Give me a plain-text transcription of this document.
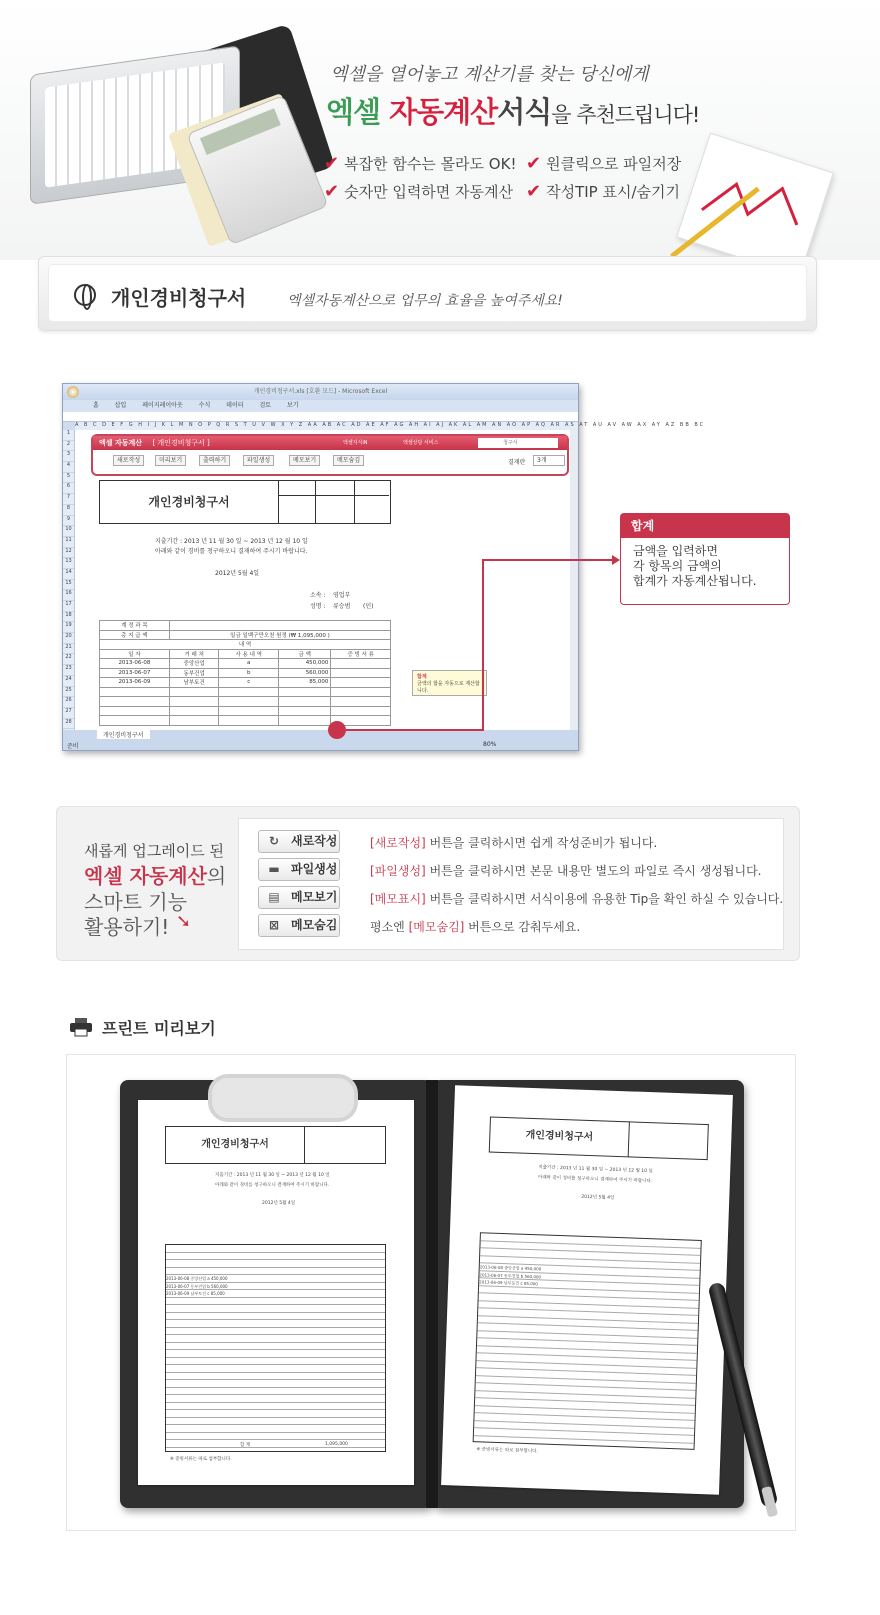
엑셀을 열어놓고 계산기를 찾는 당신에게
엑셀 자동계산서식을 추천드립니다!
✔ 복잡한 함수는 몰라도 OK!	✔ 원클릭으로 파일저장
✔ 숫자만 입력하면 자동계산	✔ 작성TIP 표시/숨기기
개인경비청구서	엑셀자동계산으로 업무의 효율을 높여주세요!
개인경비청구서.xls [호환 모드] - Microsoft Excel
홈 삽입 페이지레이아웃 수식 데이터 검토 보기
A B C D E F G H I J K L M N O P Q R S T U V W X Y Z AA AB AC AD AE AF AG AH AI AJ AK AL AM AN AO AP AQ AR AS AT AU AV AW AX AY AZ BB BC
1
2
3
4
5
6
7
8
9
10
11
12
13
14
15
16
17
18
19
20
21
22
23
24
25
26
27
28
엑셀 자동계산 [ 개인경비청구서 ]	엑셀지식iN	엑셀상담 서비스	청구서
새로작성	미리보기	출력하기	파일생성	메모보기	메모숨김	결재란	3개
개인경비청구서
지출기간 : 2013 년 11 월 30 일 ~ 2013 년 12 월 10 일
아래와 같이 경비를 청구하오니 결재하여 주시기 바랍니다.
2012년 5월 4일
소속 : 영업부
성명 : 류승범 (인)
계 정 과 목				
총 지 급 액	일금 일백구만오천 원정 (₩ 1,095,000 )			
내 역				
일 자	거 래 처	사 용 내 역	금 액	증 빙 서 류
2013-06-08	중앙산업	a	450,000	
2013-06-07	동부건업	b	560,000	
2013-06-09	남부토건	c	85,000	

합계
금액의 합을 자동으로 계산합니다.
개인경비청구서
준비	80%
합계
금액을 입력하면
각 항목의 금액의
합계가 자동계산됩니다.
새롭게 업그레이드 된
엑셀 자동계산의
스마트 기능
활용하기! ➘
↻ 새로작성
▬ 파일생성
▤ 메모보기
⊠ 메모숨김
[새로작성] 버튼을 클릭하시면 쉽게 작성준비가 됩니다.
[파일생성] 버튼을 클릭하시면 본문 내용만 별도의 파일로 즉시 생성됩니다.
[메모표시] 버튼을 클릭하시면 서식이용에 유용한 Tip을 확인 하실 수 있습니다.
평소엔 [메모숨김] 버튼으로 감춰두세요.
프린트 미리보기
개인경비청구서
지출기간 : 2013 년 11 월 30 일 ~ 2013 년 12 월 10 일
아래와 같이 경비를 청구하오니 결재하여 주시기 바랍니다.
2012년 5월 4일
2013-06-08 중앙산업 a 450,000
2013-06-07 동부건업 b 560,000
2013-06-09 남부토건 c 85,000
합 계	1,095,000
※ 증빙서류는 따로 첨부합니다.
개인경비청구서
지출기간 : 2013 년 11 월 30 일 ~ 2013 년 12 월 10 일
아래와 같이 경비를 청구하오니 결재하여 주시기 바랍니다.
2012년 5월 4일
2013-06-08 중앙산업 a 450,000
2013-06-07 동부건업 b 560,000
2013-06-09 남부토건 c 85,000
※ 증빙서류는 따로 첨부합니다.
